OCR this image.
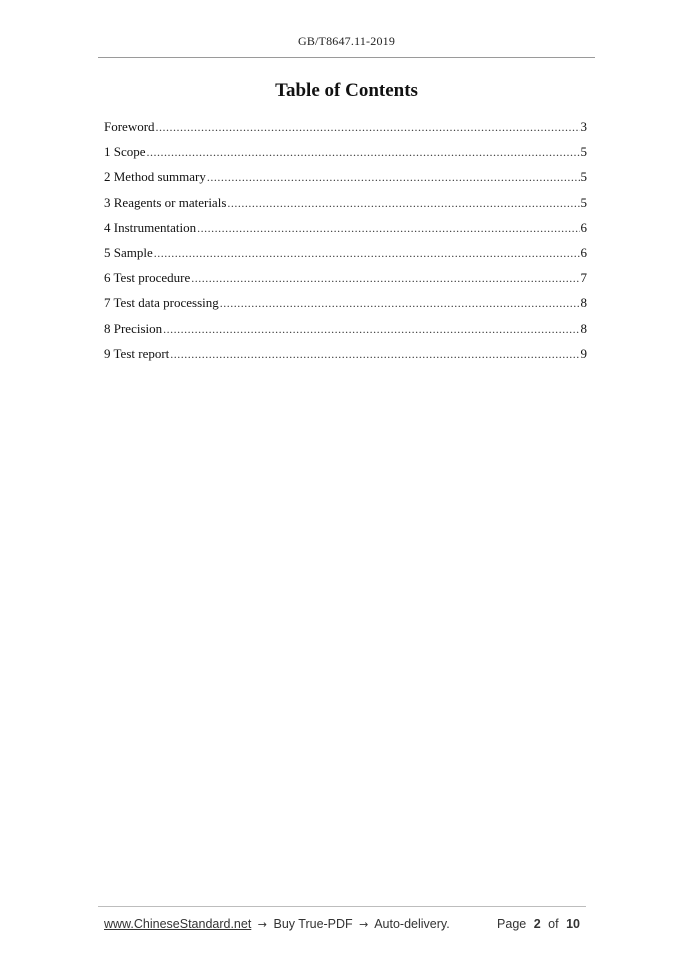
GB/T8647.11-2019
Table of Contents
Foreword .....	3
1 Scope .....	5
2 Method summary .....	5
3 Reagents or materials .....	5
4 Instrumentation .....	6
5 Sample .....	6
6 Test procedure .....	7
7 Test data processing .....	8
8 Precision .....	8
9 Test report .....	9
www.ChineseStandard.net → Buy True-PDF → Auto-delivery.	Page 2 of 10
